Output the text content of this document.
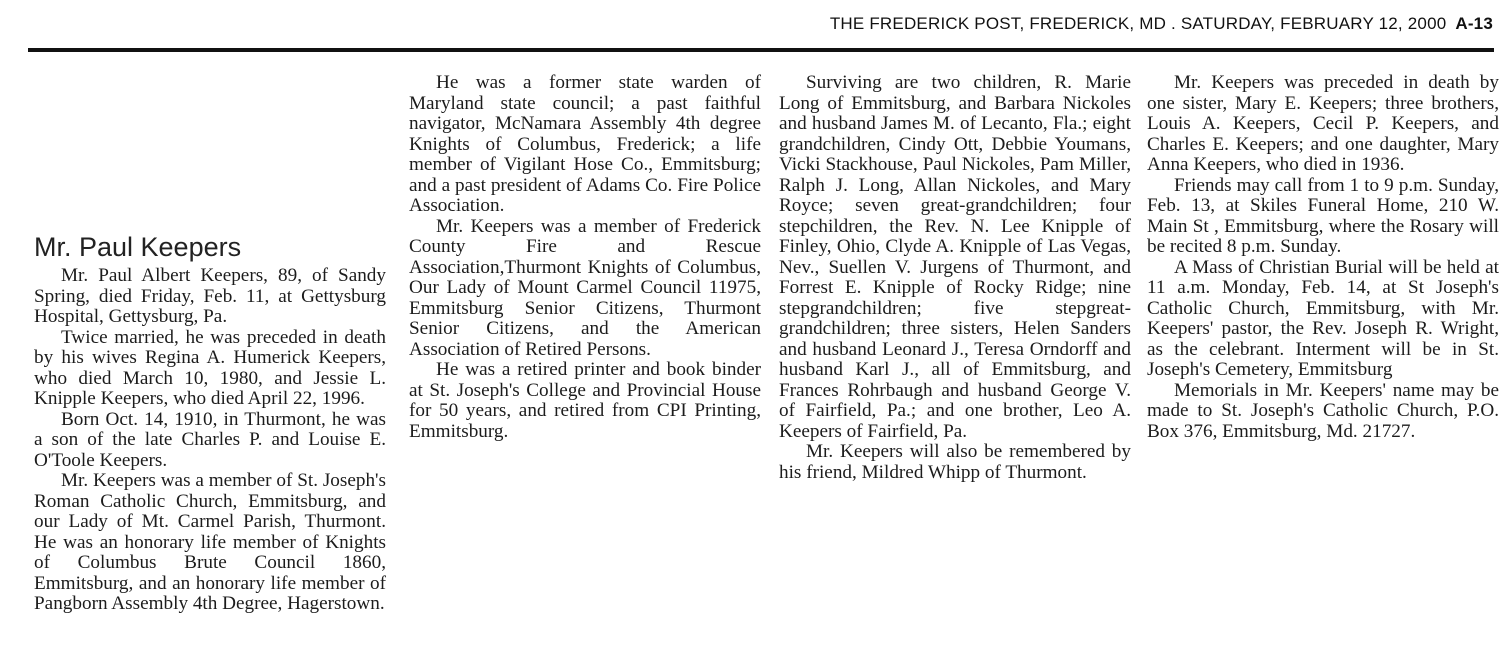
THE FREDERICK POST, FREDERICK, MD . SATURDAY, FEBRUARY 12, 2000 A-13
Mr. Paul Keepers

Mr. Paul Albert Keepers, 89, of Sandy Spring, died Friday, Feb. 11, at Gettysburg Hospital, Gettysburg, Pa.

Twice married, he was preceded in death by his wives Regina A. Humerick Keepers, who died March 10, 1980, and Jessie L. Knipple Keepers, who died April 22, 1996.

Born Oct. 14, 1910, in Thurmont, he was a son of the late Charles P. and Louise E. O'Toole Keepers.

Mr. Keepers was a member of St. Joseph's Roman Catholic Church, Emmitsburg, and our Lady of Mt. Carmel Parish, Thurmont. He was an honorary life member of Knights of Columbus Brute Council 1860, Emmitsburg, and an honorary life member of Pangborn Assembly 4th Degree, Hagerstown.

He was a former state warden of Maryland state council; a past faithful navigator, McNamara Assembly 4th degree Knights of Columbus, Frederick; a life member of Vigilant Hose Co., Emmitsburg; and a past president of Adams Co. Fire Police Association.

Mr. Keepers was a member of Frederick County Fire and Rescue Association,Thurmont Knights of Columbus, Our Lady of Mount Carmel Council 11975, Emmitsburg Senior Citizens, Thurmont Senior Citizens, and the American Association of Retired Persons.

He was a retired printer and book binder at St. Joseph's College and Provincial House for 50 years, and retired from CPI Printing, Emmitsburg.

Surviving are two children, R. Marie Long of Emmitsburg, and Barbara Nickoles and husband James M. of Lecanto, Fla.; eight grandchildren, Cindy Ott, Debbie Youmans, Vicki Stackhouse, Paul Nickoles, Pam Miller, Ralph J. Long, Allan Nickoles, and Mary Royce; seven great-grandchildren; four stepchildren, the Rev. N. Lee Knipple of Finley, Ohio, Clyde A. Knipple of Las Vegas, Nev., Suellen V. Jurgens of Thurmont, and Forrest E. Knipple of Rocky Ridge; nine stepgrandchildren; five stepgreat-grandchildren; three sisters, Helen Sanders and husband Leonard J., Teresa Orndorff and husband Karl J., all of Emmitsburg, and Frances Rohrbaugh and husband George V. of Fairfield, Pa.; and one brother, Leo A. Keepers of Fairfield, Pa.

Mr. Keepers will also be remembered by his friend, Mildred Whipp of Thurmont.

Mr. Keepers was preceded in death by one sister, Mary E. Keepers; three brothers, Louis A. Keepers, Cecil P. Keepers, and Charles E. Keepers; and one daughter, Mary Anna Keepers, who died in 1936.

Friends may call from 1 to 9 p.m. Sunday, Feb. 13, at Skiles Funeral Home, 210 W. Main St , Emmitsburg, where the Rosary will be recited 8 p.m. Sunday.

A Mass of Christian Burial will be held at 11 a.m. Monday, Feb. 14, at St Joseph's Catholic Church, Emmitsburg, with Mr. Keepers' pastor, the Rev. Joseph R. Wright, as the celebrant. Interment will be in St. Joseph's Cemetery, Emmitsburg

Memorials in Mr. Keepers' name may be made to St. Joseph's Catholic Church, P.O. Box 376, Emmitsburg, Md. 21727.
